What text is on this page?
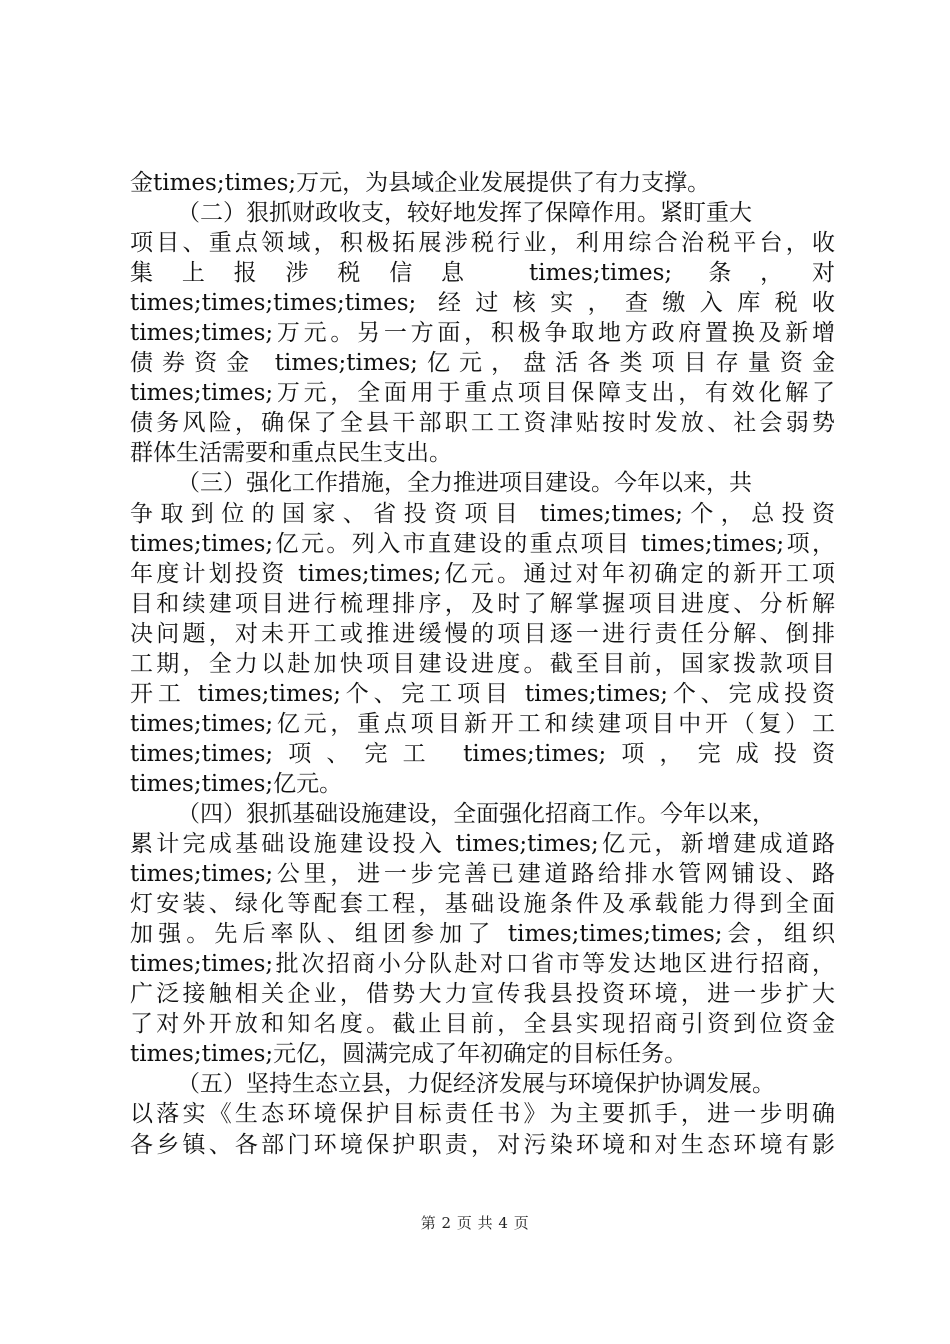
金times;times;万元，为县域企业发展提供了有力支撑。
（二）狠抓财政收支，较好地发挥了保障作用。紧盯重大
项目、重点领域，积极拓展涉税行业，利用综合治税平台，收
集上报涉税信息 times;times; 条，对
times;times;times;times; 经过核实，查缴入库税收
times;times;万元。另一方面，积极争取地方政府置换及新增
债券资金 times;times;亿元，盘活各类项目存量资金
times;times;万元，全面用于重点项目保障支出，有效化解了
债务风险，确保了全县干部职工工资津贴按时发放、社会弱势
群体生活需要和重点民生支出。
（三）强化工作措施，全力推进项目建设。今年以来，共
争取到位的国家、省投资项目 times;times;个，总投资
times;times;亿元。列入市直建设的重点项目 times;times;项，
年度计划投资 times;times;亿元。通过对年初确定的新开工项
目和续建项目进行梳理排序，及时了解掌握项目进度、分析解
决问题，对未开工或推进缓慢的项目逐一进行责任分解、倒排
工期，全力以赴加快项目建设进度。截至目前，国家拨款项目
开工 times;times;个、完工项目 times;times;个、完成投资
times;times;亿元，重点项目新开工和续建项目中开（复）工
times;times;项、完工 times;times;项，完成投资
times;times;亿元。
（四）狠抓基础设施建设，全面强化招商工作。今年以来，
累计完成基础设施建设投入 times;times;亿元，新增建成道路
times;times;公里，进一步完善已建道路给排水管网铺设、路
灯安装、绿化等配套工程，基础设施条件及承载能力得到全面
加强。先后率队、组团参加了 times;times;times;会，组织
times;times;批次招商小分队赴对口省市等发达地区进行招商，
广泛接触相关企业，借势大力宣传我县投资环境，进一步扩大
了对外开放和知名度。截止目前，全县实现招商引资到位资金
times;times;元亿，圆满完成了年初确定的目标任务。
（五）坚持生态立县，力促经济发展与环境保护协调发展。
以落实《生态环境保护目标责任书》为主要抓手，进一步明确
各乡镇、各部门环境保护职责，对污染环境和对生态环境有影
第 2 页 共 4 页
